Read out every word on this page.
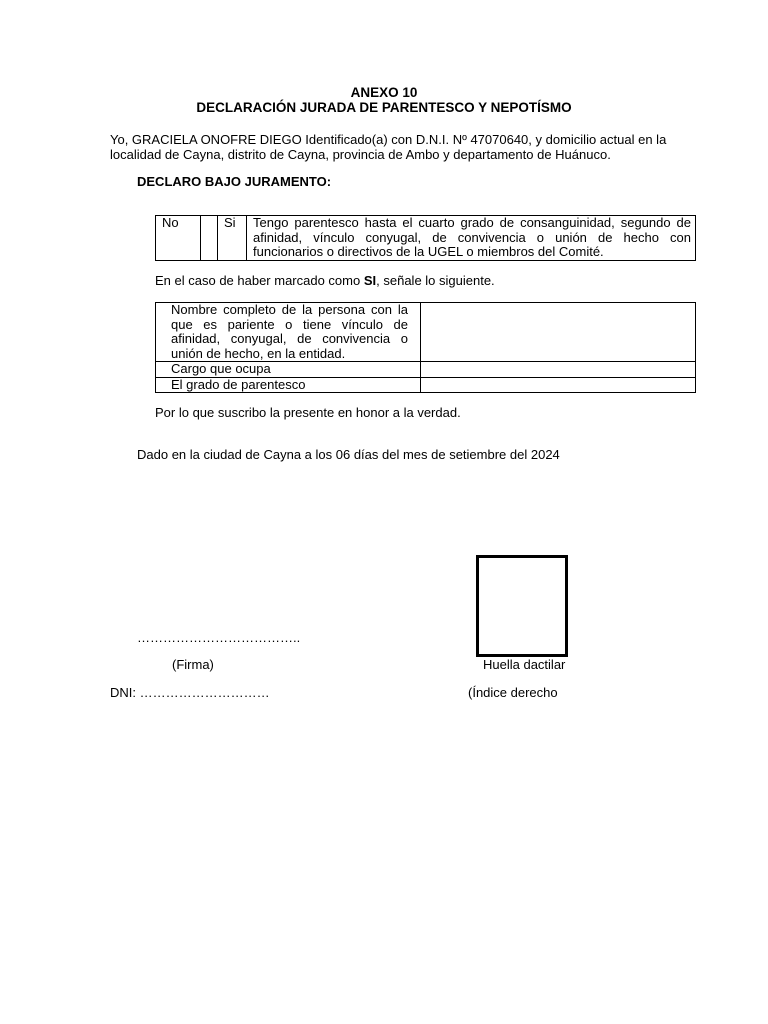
ANEXO 10
DECLARACIÓN JURADA DE PARENTESCO Y NEPOTÍSMO
Yo, GRACIELA ONOFRE DIEGO Identificado(a) con D.N.I. Nº 47070640, y domicilio actual en la localidad de Cayna, distrito de Cayna, provincia de Ambo y departamento de Huánuco.
DECLARO BAJO JURAMENTO:
No		Si	Tengo parentesco hasta el cuarto grado de consanguinidad, segundo de afinidad, vínculo conyugal, de convivencia o unión de hecho con funcionarios o directivos de la UGEL o miembros del Comité.
En el caso de haber marcado como SI, señale lo siguiente.
Nombre completo de la persona con la que es pariente o tiene vínculo de afinidad, conyugal, de convivencia o unión de hecho, en la entidad.	
Cargo que ocupa	
El grado de parentesco	
Por lo que suscribo la presente en honor a la verdad.
Dado en la ciudad de Cayna a los 06 días del mes de setiembre del 2024
………………………………..
(Firma)	Huella dactilar
DNI: …………………………	(Índice derecho
